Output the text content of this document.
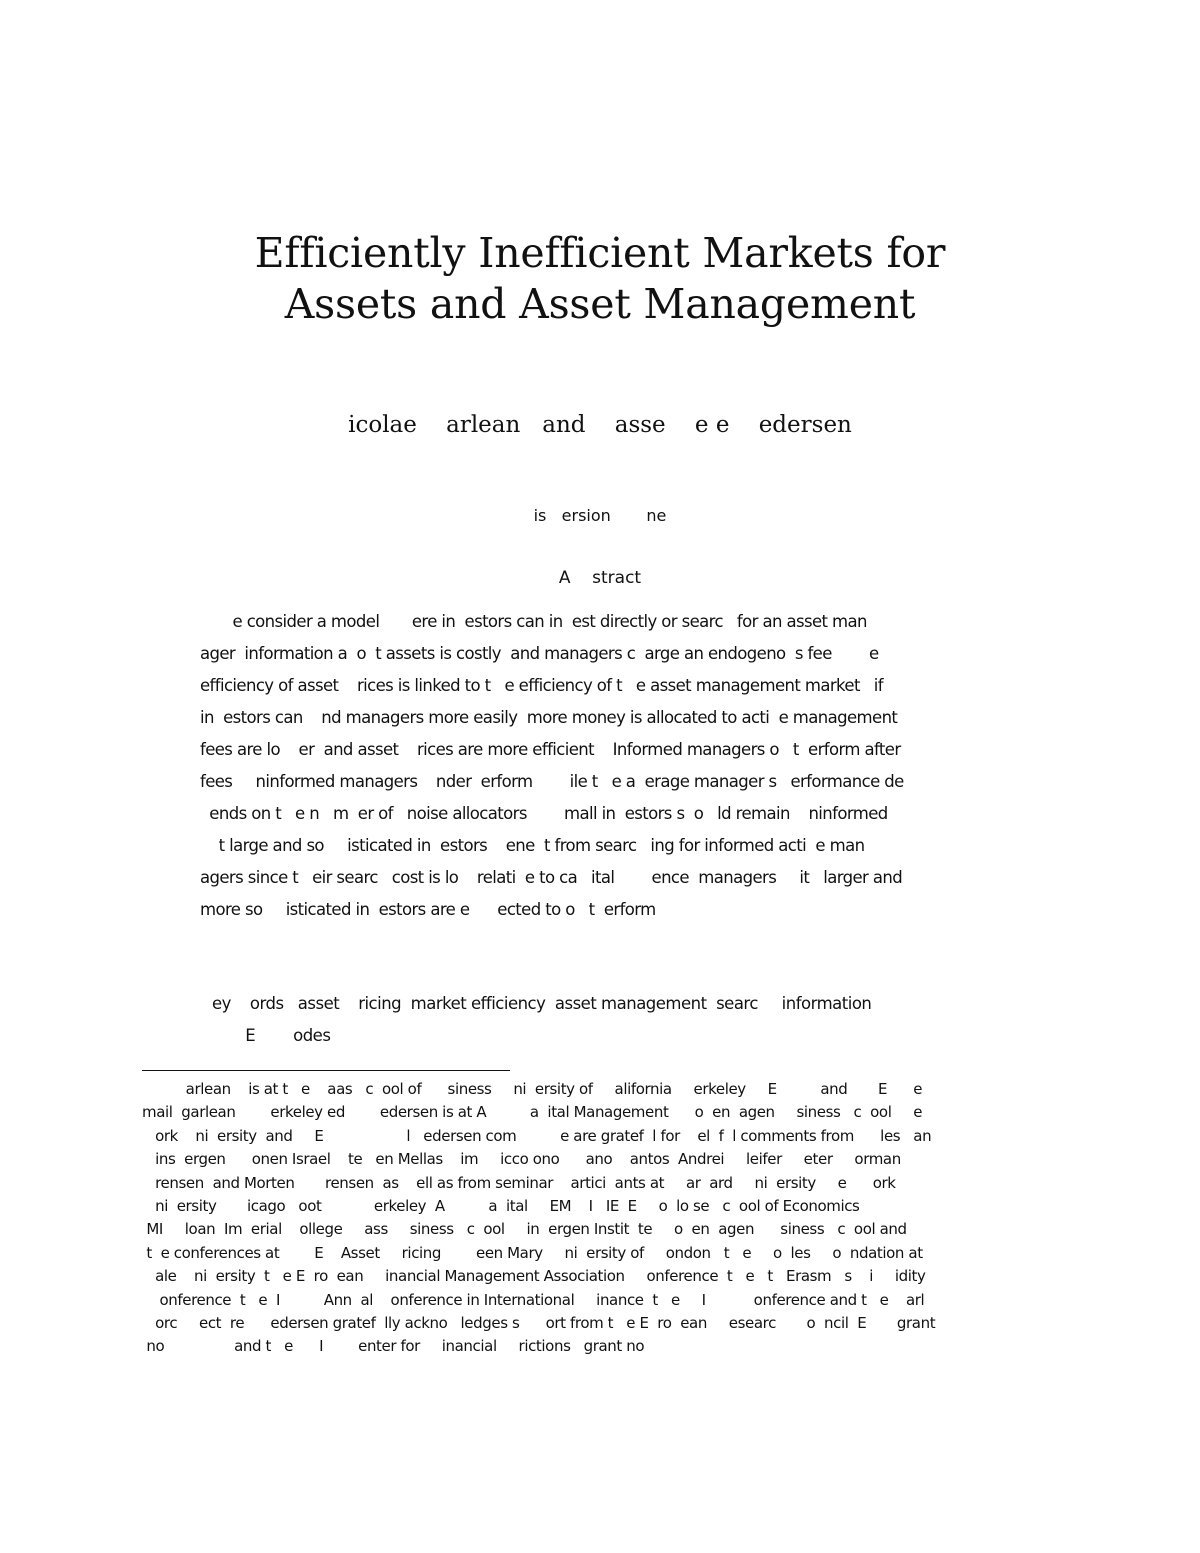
Efficiently Inefficient Markets for
Assets and Asset Management
icolae    arlean   and    asse    e e    edersen
is   ersion       ne
A    stract
e consider a model       ere in  estors can in  est directly or searc   for an asset man
ager  information a  o  t assets is costly  and managers c  arge an endogeno  s fee        e
efficiency of asset    rices is linked to t   e efficiency of t   e asset management market   if
in  estors can    nd managers more easily  more money is allocated to acti  e management
fees are lo    er  and asset    rices are more efficient    Informed managers o   t  erform after
fees     ninformed managers    nder  erform        ile t   e a  erage manager s   erformance de
ends on t   e n   m  er of   noise allocators        mall in  estors s  o   ld remain    ninformed
t large and so     isticated in  estors    ene  t from searc   ing for informed acti  e man
agers since t   eir searc   cost is lo    relati  e to ca   ital        ence  managers     it   larger and
more so     isticated in  estors are e      ected to o   t  erform
ey    ords   asset    ricing  market efficiency  asset management  searc     information
E        odes
arlean    is at t   e    aas   c  ool of      siness     ni  ersity of     alifornia     erkeley     E          and       E      e
mail  garlean        erkeley ed        edersen is at A          a  ital Management      o  en  agen     siness   c  ool     e
ork    ni  ersity  and     E                   l   edersen com          e are gratef  l for    el  f  l comments from      les   an
ins  ergen      onen Israel    te   en Mellas    im     icco ono      ano    antos  Andrei     leifer     eter     orman
rensen  and Morten       rensen  as    ell as from seminar    artici  ants at     ar  ard     ni  ersity     e      ork
ni  ersity       icago   oot            erkeley  A          a  ital     EM    I   IE  E     o  lo se   c  ool of Economics
MI     loan  Im  erial    ollege     ass     siness   c  ool     in  ergen Instit  te     o  en  agen      siness   c  ool and
t  e conferences at        E    Asset     ricing        een Mary     ni  ersity of     ondon   t   e     o  les     o  ndation at
ale    ni  ersity  t   e E  ro  ean     inancial Management Association     onference  t   e   t   Erasm   s    i     idity
onference  t   e  I          Ann  al    onference in International     inance  t   e     I           onference and t   e    arl
orc     ect  re      edersen gratef  lly ackno   ledges s      ort from t   e E  ro  ean     esearc       o  ncil  E       grant
no                and t   e      I        enter for     inancial     rictions   grant no
